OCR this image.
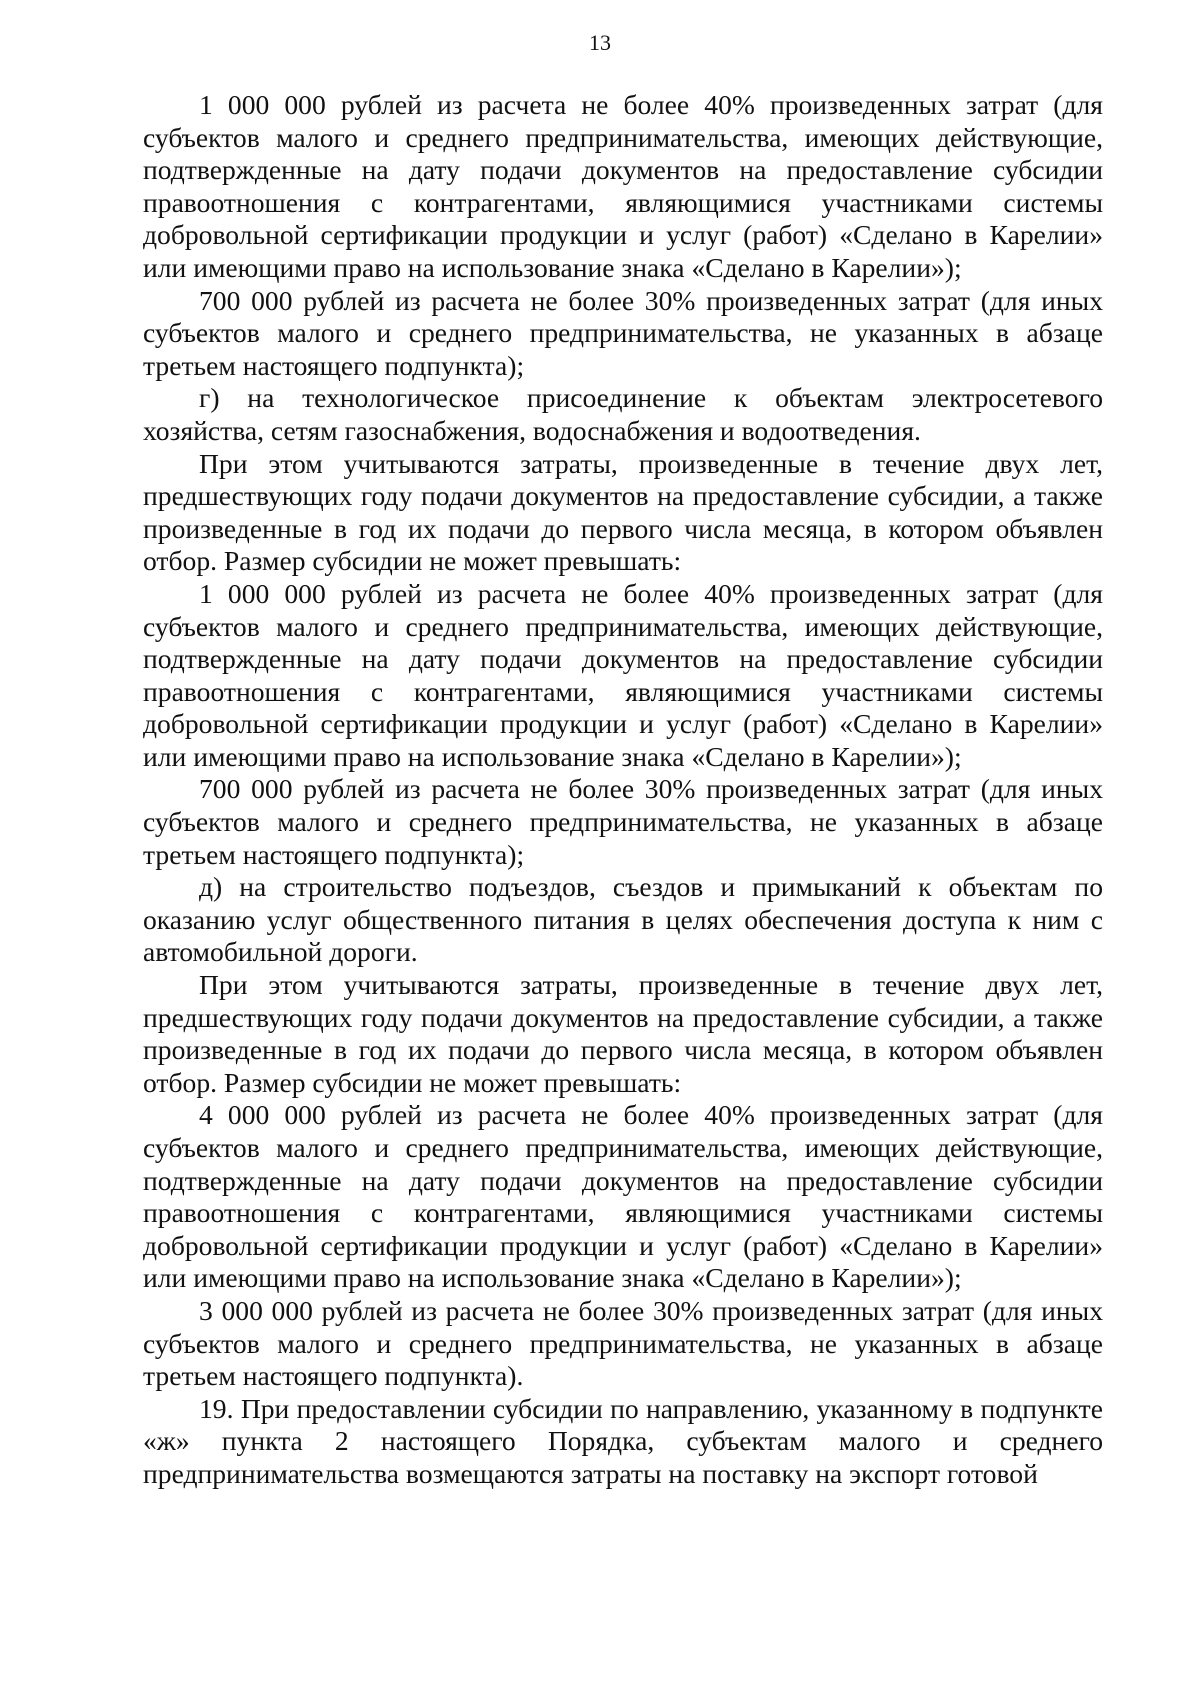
13

1 000 000 рублей из расчета не более 40% произведенных затрат (для субъектов малого и среднего предпринимательства, имеющих действующие, подтвержденные на дату подачи документов на предоставление субсидии правоотношения с контрагентами, являющимися участниками системы добровольной сертификации продукции и услуг (работ) «Сделано в Карелии» или имеющими право на использование знака «Сделано в Карелии»);

700 000 рублей из расчета не более 30% произведенных затрат (для иных субъектов малого и среднего предпринимательства, не указанных в абзаце третьем настоящего подпункта);

г) на технологическое присоединение к объектам электросетевого хозяйства, сетям газоснабжения, водоснабжения и водоотведения.

При этом учитываются затраты, произведенные в течение двух лет, предшествующих году подачи документов на предоставление субсидии, а также произведенные в год их подачи до первого числа месяца, в котором объявлен отбор. Размер субсидии не может превышать:

1 000 000 рублей из расчета не более 40% произведенных затрат (для субъектов малого и среднего предпринимательства, имеющих действующие, подтвержденные на дату подачи документов на предоставление субсидии правоотношения с контрагентами, являющимися участниками системы добровольной сертификации продукции и услуг (работ) «Сделано в Карелии» или имеющими право на использование знака «Сделано в Карелии»);

700 000 рублей из расчета не более 30% произведенных затрат (для иных субъектов малого и среднего предпринимательства, не указанных в абзаце третьем настоящего подпункта);

д) на строительство подъездов, съездов и примыканий к объектам по оказанию услуг общественного питания в целях обеспечения доступа к ним с автомобильной дороги.

При этом учитываются затраты, произведенные в течение двух лет, предшествующих году подачи документов на предоставление субсидии, а также произведенные в год их подачи до первого числа месяца, в котором объявлен отбор. Размер субсидии не может превышать:

4 000 000 рублей из расчета не более 40% произведенных затрат (для субъектов малого и среднего предпринимательства, имеющих действующие, подтвержденные на дату подачи документов на предоставление субсидии правоотношения с контрагентами, являющимися участниками системы добровольной сертификации продукции и услуг (работ) «Сделано в Карелии» или имеющими право на использование знака «Сделано в Карелии»);

3 000 000 рублей из расчета не более 30% произведенных затрат (для иных субъектов малого и среднего предпринимательства, не указанных в абзаце третьем настоящего подпункта).

19. При предоставлении субсидии по направлению, указанному в подпункте «ж» пункта 2 настоящего Порядка, субъектам малого и среднего предпринимательства возмещаются затраты на поставку на экспорт готовой
